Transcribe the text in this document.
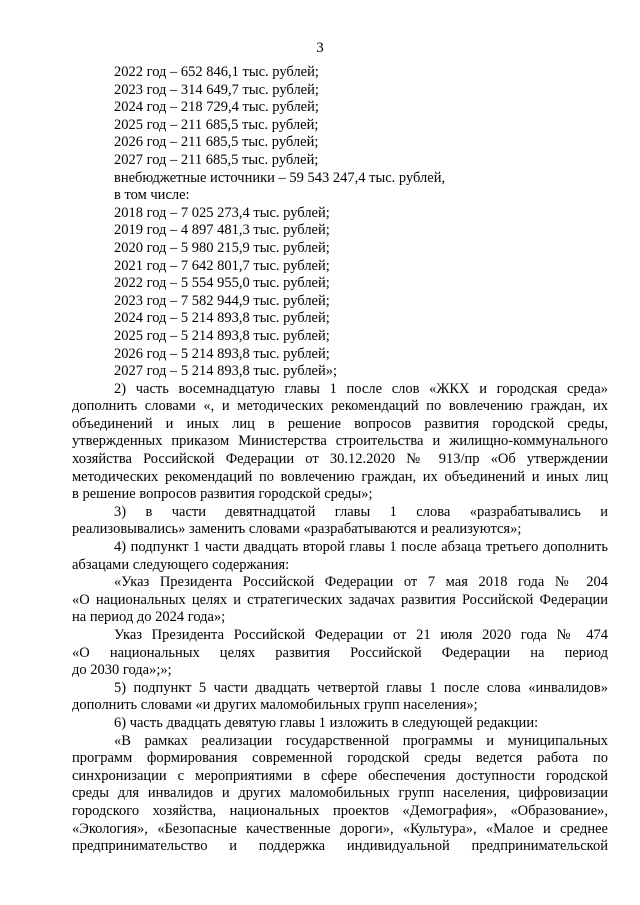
3
2022 год – 652 846,1 тыс. рублей;
2023 год – 314 649,7 тыс. рублей;
2024 год – 218 729,4 тыс. рублей;
2025 год – 211 685,5 тыс. рублей;
2026 год – 211 685,5 тыс. рублей;
2027 год – 211 685,5 тыс. рублей;
внебюджетные источники – 59 543 247,4 тыс. рублей,
в том числе:
2018 год – 7 025 273,4 тыс. рублей;
2019 год – 4 897 481,3 тыс. рублей;
2020 год – 5 980 215,9 тыс. рублей;
2021 год – 7 642 801,7 тыс. рублей;
2022 год – 5 554 955,0 тыс. рублей;
2023 год – 7 582 944,9 тыс. рублей;
2024 год – 5 214 893,8 тыс. рублей;
2025 год – 5 214 893,8 тыс. рублей;
2026 год – 5 214 893,8 тыс. рублей;
2027 год – 5 214 893,8 тыс. рублей»;
2) часть восемнадцатую главы 1 после слов «ЖКХ и городская среда»
дополнить словами «, и методических рекомендаций по вовлечению граждан, их
объединений и иных лиц в решение вопросов развития городской среды,
утвержденных приказом Министерства строительства и жилищно-коммунального
хозяйства Российской Федерации от 30.12.2020 № 913/пр «Об утверждении
методических рекомендаций по вовлечению граждан, их объединений и иных лиц
в решение вопросов развития городской среды»;
3) в части девятнадцатой главы 1 слова «разрабатывались и
реализовывались» заменить словами «разрабатываются и реализуются»;
4) подпункт 1 части двадцать второй главы 1 после абзаца третьего дополнить
абзацами следующего содержания:
«Указ Президента Российской Федерации от 7 мая 2018 года № 204
«О национальных целях и стратегических задачах развития Российской Федерации
на период до 2024 года»;
Указ Президента Российской Федерации от 21 июля 2020 года № 474
«О национальных целях развития Российской Федерации на период
до 2030 года»;»;
5) подпункт 5 части двадцать четвертой главы 1 после слова «инвалидов»
дополнить словами «и других маломобильных групп населения»;
6) часть двадцать девятую главы 1 изложить в следующей редакции:
«В рамках реализации государственной программы и муниципальных
программ формирования современной городской среды ведется работа по
синхронизации с мероприятиями в сфере обеспечения доступности городской
среды для инвалидов и других маломобильных групп населения, цифровизации
городского хозяйства, национальных проектов «Демография», «Образование»,
«Экология», «Безопасные качественные дороги», «Культура», «Малое и среднее
предпринимательство и поддержка индивидуальной предпринимательской
